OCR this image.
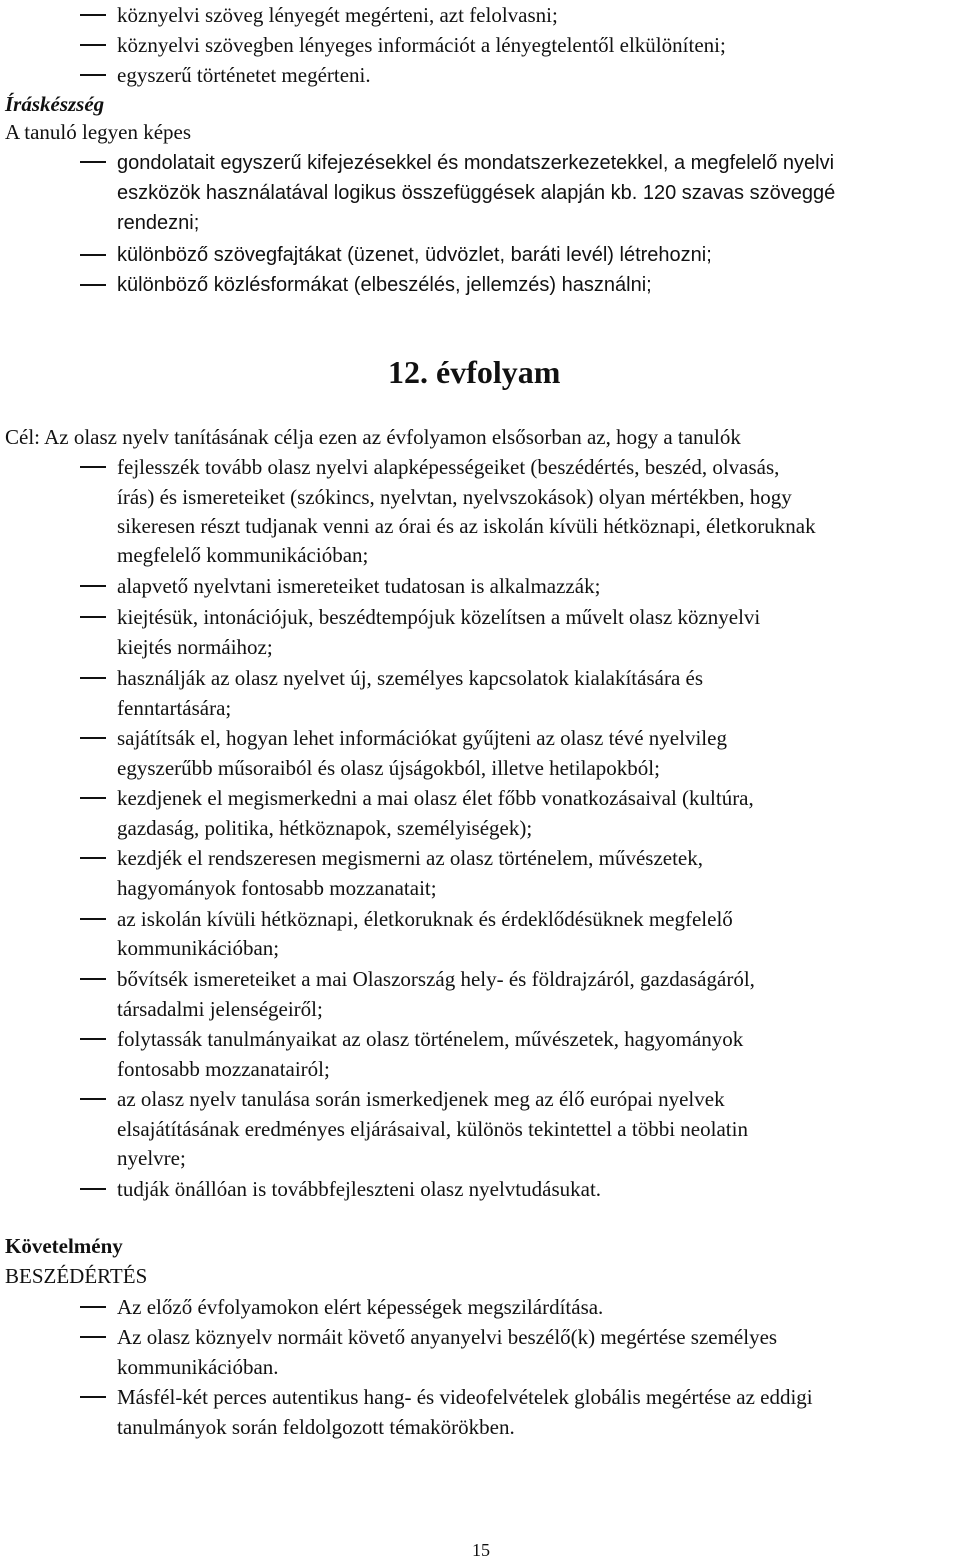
köznyelvi szöveg lényegét megérteni, azt felolvasni;
köznyelvi szövegben lényeges információt a lényegtelentől elkülöníteni;
egyszerű történetet megérteni.
Íráskészség
A tanuló legyen képes
gondolatait egyszerű kifejezésekkel és mondatszerkezetekkel, a megfelelő nyelvi
eszközök használatával logikus összefüggések alapján kb. 120 szavas szöveggé
rendezni;
különböző szövegfajtákat (üzenet, üdvözlet, baráti levél) létrehozni;
különböző közlésformákat (elbeszélés, jellemzés) használni;
12. évfolyam
Cél: Az olasz nyelv tanításának célja ezen az évfolyamon elsősorban az, hogy a tanulók
fejlesszék tovább olasz nyelvi alapképességeiket (beszédértés, beszéd, olvasás,
írás) és ismereteiket (szókincs, nyelvtan, nyelvszokások) olyan mértékben, hogy
sikeresen részt tudjanak venni az órai és az iskolán kívüli hétköznapi, életkoruknak
megfelelő kommunikációban;
alapvető nyelvtani ismereteiket tudatosan is alkalmazzák;
kiejtésük, intonációjuk, beszédtempójuk közelítsen a művelt olasz köznyelvi
kiejtés normáihoz;
használják az olasz nyelvet új, személyes kapcsolatok kialakítására és
fenntartására;
sajátítsák el, hogyan lehet információkat gyűjteni az olasz tévé nyelvileg
egyszerűbb műsoraiból és olasz újságokból, illetve hetilapokból;
kezdjenek el megismerkedni a mai olasz élet főbb vonatkozásaival (kultúra,
gazdaság, politika, hétköznapok, személyiségek);
kezdjék el rendszeresen megismerni az olasz történelem, művészetek,
hagyományok fontosabb mozzanatait;
az iskolán kívüli hétköznapi, életkoruknak és érdeklődésüknek megfelelő
kommunikációban;
bővítsék ismereteiket a mai Olaszország hely- és földrajzáról, gazdaságáról,
társadalmi jelenségeiről;
folytassák tanulmányaikat az olasz történelem, művészetek, hagyományok
fontosabb mozzanatairól;
az olasz nyelv tanulása során ismerkedjenek meg az élő európai nyelvek
elsajátításának eredményes eljárásaival, különös tekintettel a többi neolatin
nyelvre;
tudják önállóan is továbbfejleszteni olasz nyelvtudásukat.
Követelmény
BESZÉDÉRTÉS
Az előző évfolyamokon elért képességek megszilárdítása.
Az olasz köznyelv normáit követő anyanyelvi beszélő(k) megértése személyes
kommunikációban.
Másfél-két perces autentikus hang- és videofelvételek globális megértése az eddigi
tanulmányok során feldolgozott témakörökben.
15
